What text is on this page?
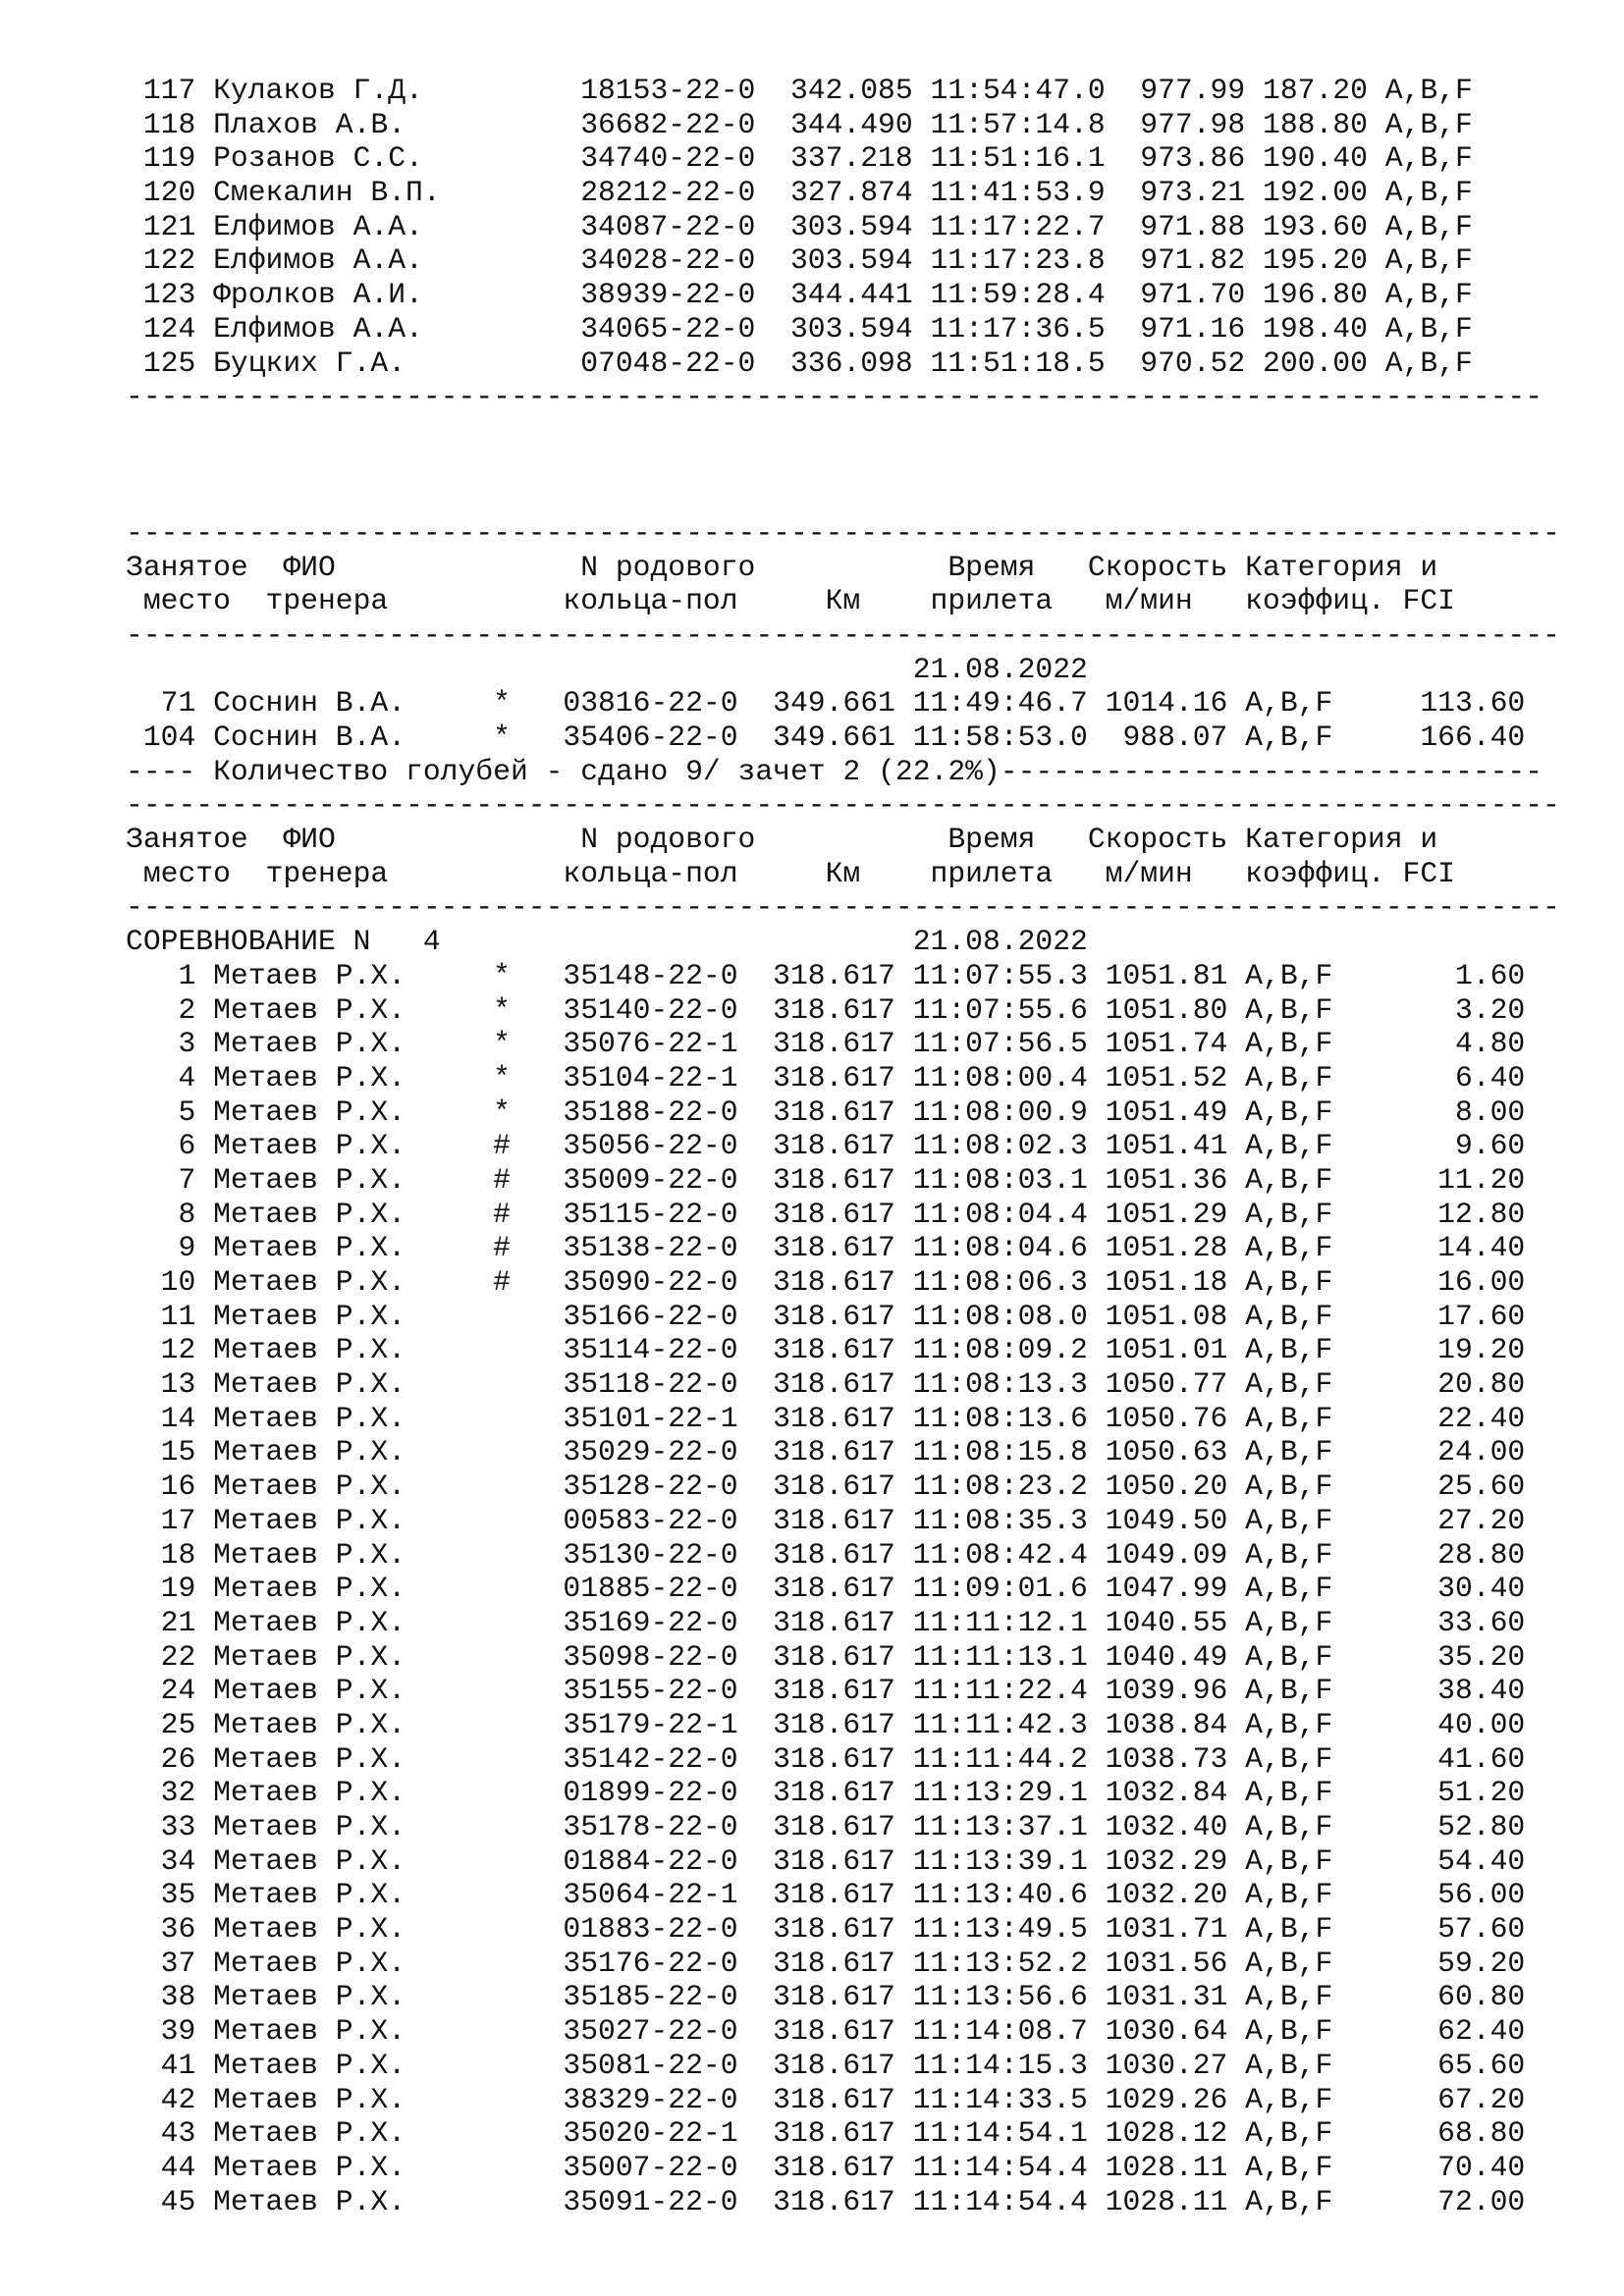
117 Кулаков Г.Д.         18153-22-0  342.085 11:54:47.0  977.99 187.20 A,B,F
118 Плахов А.В.          36682-22-0  344.490 11:57:14.8  977.98 188.80 A,B,F
119 Розанов С.С.         34740-22-0  337.218 11:51:16.1  973.86 190.40 A,B,F
120 Смекалин В.П.        28212-22-0  327.874 11:41:53.9  973.21 192.00 A,B,F
121 Елфимов А.А.         34087-22-0  303.594 11:17:22.7  971.88 193.60 A,B,F
122 Елфимов А.А.         34028-22-0  303.594 11:17:23.8  971.82 195.20 A,B,F
123 Фролков А.И.         38939-22-0  344.441 11:59:28.4  971.70 196.80 A,B,F
124 Елфимов А.А.         34065-22-0  303.594 11:17:36.5  971.16 198.40 A,B,F
125 Буцких Г.А.          07048-22-0  336.098 11:51:18.5  970.52 200.00 A,B,F
---------------------------------------------------------------------------------
----------------------------------------------------------------------------------
Занятое  ФИО              N родового           Время   Скорость Категория и
место  тренера          кольца-пол     Км    прилета   м/мин   коэффиц. FCI
----------------------------------------------------------------------------------
21.08.2022
71 Соснин В.А.     *   03816-22-0  349.661 11:49:46.7 1014.16 A,B,F     113.60
104 Соснин В.А.     *   35406-22-0  349.661 11:58:53.0  988.07 A,B,F     166.40
---- Количество голубей - сдано 9/ зачет 2 (22.2%)-------------------------------
----------------------------------------------------------------------------------
Занятое  ФИО              N родового           Время   Скорость Категория и
место  тренера          кольца-пол     Км    прилета   м/мин   коэффиц. FCI
----------------------------------------------------------------------------------
СОРЕВНОВАНИЕ N   4                           21.08.2022
1 Метаев Р.Х.     *   35148-22-0  318.617 11:07:55.3 1051.81 A,B,F       1.60
2 Метаев Р.Х.     *   35140-22-0  318.617 11:07:55.6 1051.80 A,B,F       3.20
3 Метаев Р.Х.     *   35076-22-1  318.617 11:07:56.5 1051.74 A,B,F       4.80
4 Метаев Р.Х.     *   35104-22-1  318.617 11:08:00.4 1051.52 A,B,F       6.40
5 Метаев Р.Х.     *   35188-22-0  318.617 11:08:00.9 1051.49 A,B,F       8.00
6 Метаев Р.Х.     #   35056-22-0  318.617 11:08:02.3 1051.41 A,B,F       9.60
7 Метаев Р.Х.     #   35009-22-0  318.617 11:08:03.1 1051.36 A,B,F      11.20
8 Метаев Р.Х.     #   35115-22-0  318.617 11:08:04.4 1051.29 A,B,F      12.80
9 Метаев Р.Х.     #   35138-22-0  318.617 11:08:04.6 1051.28 A,B,F      14.40
10 Метаев Р.Х.     #   35090-22-0  318.617 11:08:06.3 1051.18 A,B,F      16.00
11 Метаев Р.Х.         35166-22-0  318.617 11:08:08.0 1051.08 A,B,F      17.60
12 Метаев Р.Х.         35114-22-0  318.617 11:08:09.2 1051.01 A,B,F      19.20
13 Метаев Р.Х.         35118-22-0  318.617 11:08:13.3 1050.77 A,B,F      20.80
14 Метаев Р.Х.         35101-22-1  318.617 11:08:13.6 1050.76 A,B,F      22.40
15 Метаев Р.Х.         35029-22-0  318.617 11:08:15.8 1050.63 A,B,F      24.00
16 Метаев Р.Х.         35128-22-0  318.617 11:08:23.2 1050.20 A,B,F      25.60
17 Метаев Р.Х.         00583-22-0  318.617 11:08:35.3 1049.50 A,B,F      27.20
18 Метаев Р.Х.         35130-22-0  318.617 11:08:42.4 1049.09 A,B,F      28.80
19 Метаев Р.Х.         01885-22-0  318.617 11:09:01.6 1047.99 A,B,F      30.40
21 Метаев Р.Х.         35169-22-0  318.617 11:11:12.1 1040.55 A,B,F      33.60
22 Метаев Р.Х.         35098-22-0  318.617 11:11:13.1 1040.49 A,B,F      35.20
24 Метаев Р.Х.         35155-22-0  318.617 11:11:22.4 1039.96 A,B,F      38.40
25 Метаев Р.Х.         35179-22-1  318.617 11:11:42.3 1038.84 A,B,F      40.00
26 Метаев Р.Х.         35142-22-0  318.617 11:11:44.2 1038.73 A,B,F      41.60
32 Метаев Р.Х.         01899-22-0  318.617 11:13:29.1 1032.84 A,B,F      51.20
33 Метаев Р.Х.         35178-22-0  318.617 11:13:37.1 1032.40 A,B,F      52.80
34 Метаев Р.Х.         01884-22-0  318.617 11:13:39.1 1032.29 A,B,F      54.40
35 Метаев Р.Х.         35064-22-1  318.617 11:13:40.6 1032.20 A,B,F      56.00
36 Метаев Р.Х.         01883-22-0  318.617 11:13:49.5 1031.71 A,B,F      57.60
37 Метаев Р.Х.         35176-22-0  318.617 11:13:52.2 1031.56 A,B,F      59.20
38 Метаев Р.Х.         35185-22-0  318.617 11:13:56.6 1031.31 A,B,F      60.80
39 Метаев Р.Х.         35027-22-0  318.617 11:14:08.7 1030.64 A,B,F      62.40
41 Метаев Р.Х.         35081-22-0  318.617 11:14:15.3 1030.27 A,B,F      65.60
42 Метаев Р.Х.         38329-22-0  318.617 11:14:33.5 1029.26 A,B,F      67.20
43 Метаев Р.Х.         35020-22-1  318.617 11:14:54.1 1028.12 A,B,F      68.80
44 Метаев Р.Х.         35007-22-0  318.617 11:14:54.4 1028.11 A,B,F      70.40
45 Метаев Р.Х.         35091-22-0  318.617 11:14:54.4 1028.11 A,B,F      72.00
